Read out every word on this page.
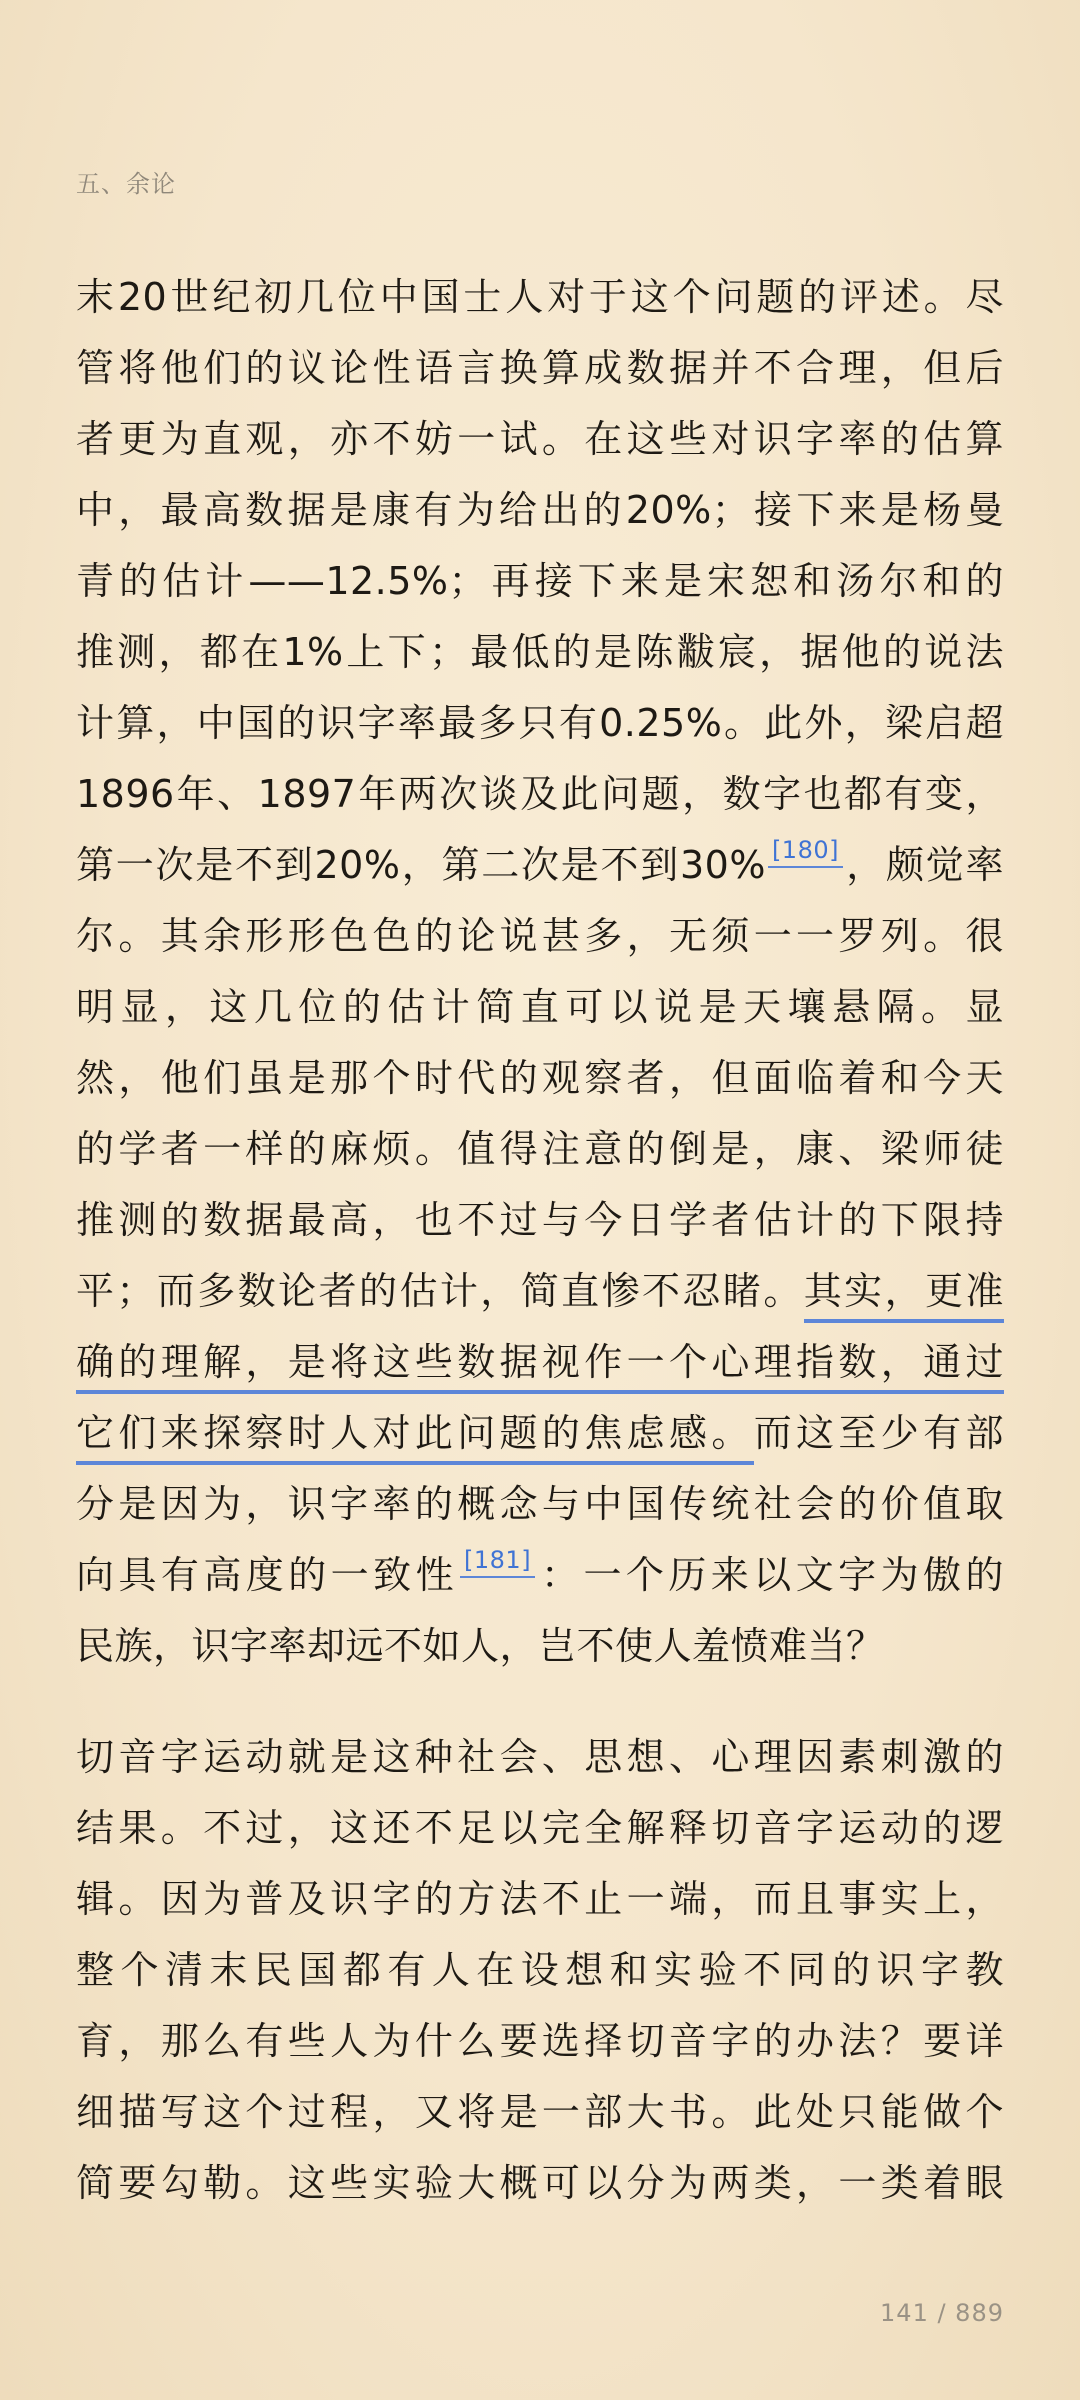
五、余论
末20世纪初几位中国士人对于这个问题的评述。尽
管将他们的议论性语言换算成数据并不合理，但后
者更为直观，亦不妨一试。在这些对识字率的估算
中，最高数据是康有为给出的20%；接下来是杨曼
青的估计——12.5%；再接下来是宋恕和汤尔和的
推测，都在1%上下；最低的是陈黻宸，据他的说法
计算，中国的识字率最多只有0.25%。此外，梁启超
1896年、1897年两次谈及此问题，数字也都有变，
第一次是不到20%，第二次是不到30% [180] ，颇觉率
尔。其余形形色色的论说甚多，无须一一罗列。很
明显，这几位的估计简直可以说是天壤悬隔。显
然，他们虽是那个时代的观察者，但面临着和今天
的学者一样的麻烦。值得注意的倒是，康、梁师徒
推测的数据最高，也不过与今日学者估计的下限持
平；而多数论者的估计，简直惨不忍睹。其实，更准
确的理解，是将这些数据视作一个心理指数，通过
它们来探察时人对此问题的焦虑感。而这至少有部
分是因为，识字率的概念与中国传统社会的价值取
向具有高度的一致性 [181] ：一个历来以文字为傲的
民族，识字率却远不如人，岂不使人羞愤难当？
切音字运动就是这种社会、思想、心理因素刺激的
结果。不过，这还不足以完全解释切音字运动的逻
辑。因为普及识字的方法不止一端，而且事实上，
整个清末民国都有人在设想和实验不同的识字教
育，那么有些人为什么要选择切音字的办法？要详
细描写这个过程，又将是一部大书。此处只能做个
简要勾勒。这些实验大概可以分为两类，一类着眼
141 / 889
